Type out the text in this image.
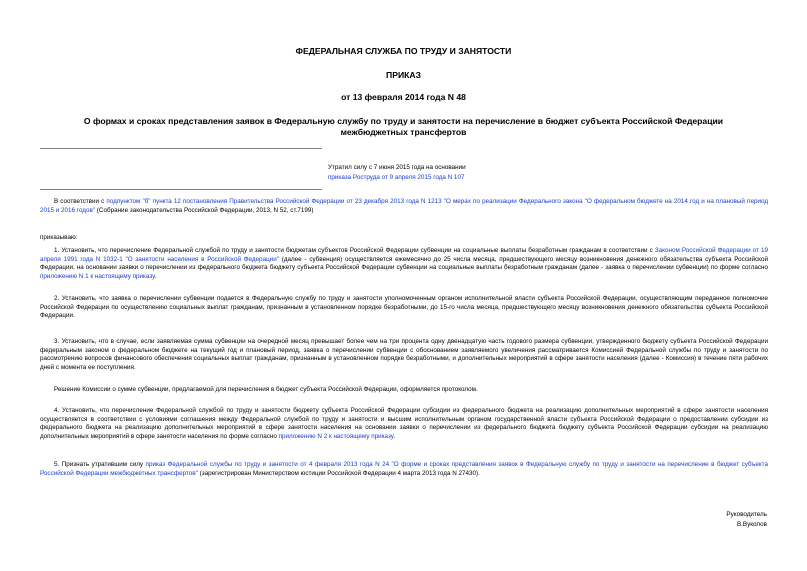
ФЕДЕРАЛЬНАЯ СЛУЖБА ПО ТРУДУ И ЗАНЯТОСТИ
ПРИКАЗ
от 13 февраля 2014 года N 48
О формах и сроках представления заявок в Федеральную службу по труду и занятости на перечисление в бюджет субъекта Российской Федерации межбюджетных трансфертов
Утратил силу с 7 июня 2015 года на основании
приказа Роструда от 9 апреля 2015 года N 107
В соответствии с подпунктом "б" пункта 12 постановления Правительства Российской Федерации от 23 декабря 2013 года N 1213 "О мерах по реализации Федерального закона "О федеральном бюджете на 2014 год и на плановый период 2015 и 2016 годов" (Собрание законодательства Российской Федерации, 2013, N 52, ст.7199)
приказываю:
1. Установить, что перечисление Федеральной службой по труду и занятости бюджетам субъектов Российской Федерации субвенции на социальные выплаты безработным гражданам в соответствии с Законом Российской Федерации от 19 апреля 1991 года N 1032-1 "О занятости населения в Российской Федерации" (далее - субвенция) осуществляется ежемесячно до 25 числа месяца, предшествующего месяцу возникновения денежного обязательства субъекта Российской Федерации, на основании заявки о перечислении из федерального бюджета бюджету субъекта Российской Федерации субвенции на социальные выплаты безработным гражданам (далее - заявка о перечислении субвенции) по форме согласно приложению N 1 к настоящему приказу.
2. Установить, что заявка о перечислении субвенции подается в Федеральную службу по труду и занятости уполномоченным органом исполнительной власти субъекта Российской Федерации, осуществляющим переданное полномочие Российской Федерации по осуществлению социальных выплат гражданам, признанным в установленном порядке безработными, до 15-го числа месяца, предшествующего месяцу возникновения денежного обязательства субъекта Российской Федерации.
3. Установить, что в случае, если заявляемая сумма субвенции на очередной месяц превышает более чем на три процента одну двенадцатую часть годового размера субвенции, утвержденного бюджету субъекта Российской Федерации федеральным законом о федеральном бюджете на текущий год и плановый период, заявка о перечислении субвенции с обоснованием заявляемого увеличения рассматривается Комиссией Федеральной службы по труду и занятости по рассмотрению вопросов финансового обеспечения социальных выплат гражданам, признанным в установленном порядке безработными, и дополнительных мероприятий в сфере занятости населения (далее - Комиссия) в течение пяти рабочих дней с момента ее поступления.
Решение Комиссии о сумме субвенции, предлагаемой для перечисления в бюджет субъекта Российской Федерации, оформляется протоколом.
4. Установить, что перечисление Федеральной службой по труду и занятости бюджету субъекта Российской Федерации субсидии из федерального бюджета на реализацию дополнительных мероприятий в сфере занятости населения осуществляется в соответствии с условиями соглашения между Федеральной службой по труду и занятости и высшим исполнительным органом государственной власти субъекта Российской Федерации о предоставлении субсидии из федерального бюджета на реализацию дополнительных мероприятий в сфере занятости населения на основании заявки о перечислении из федерального бюджета бюджету субъекта Российской Федерации субсидии на реализацию дополнительных мероприятий в сфере занятости населения по форме согласно приложению N 2 к настоящему приказу.
5. Признать утратившим силу приказ Федеральной службы по труду и занятости от 4 февраля 2013 года N 24 "О форме и сроках представления заявок в Федеральную службу по труду и занятости на перечисление в бюджет субъекта Российской Федерации межбюджетных трансфертов" (зарегистрирован Министерством юстиции Российской Федерации 4 марта 2013 года N 27430).
Руководитель
В.Вуколов
